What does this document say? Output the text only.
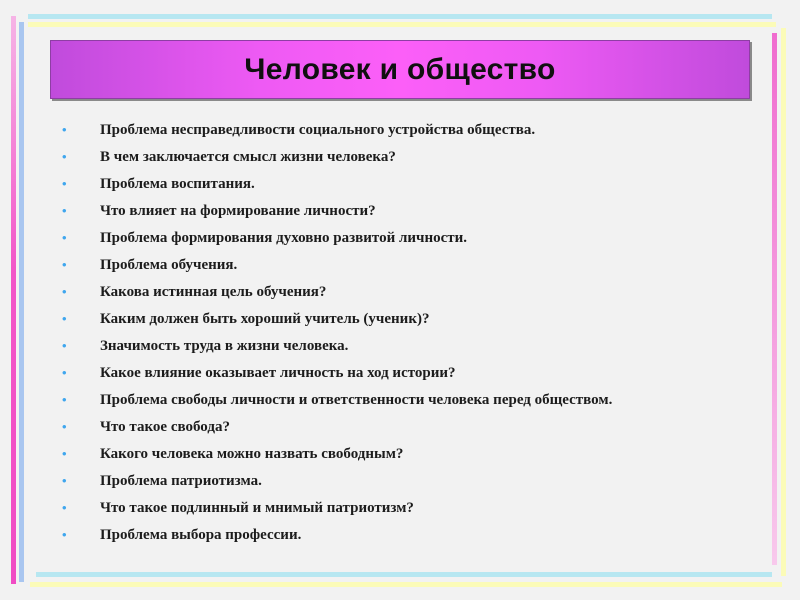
Человек и общество
•	Проблема несправедливости социального устройства общества.
•	В чем заключается смысл жизни человека?
•	Проблема воспитания.
•	Что влияет на формирование личности?
•	Проблема формирования духовно развитой личности.
•	Проблема обучения.
•	Какова истинная цель обучения?
•	Каким должен быть хороший учитель (ученик)?
•	Значимость труда в жизни человека.
•	Какое влияние оказывает личность на ход истории?
•	Проблема свободы личности и ответственности человека перед обществом.
•	Что такое свобода?
•	Какого человека можно назвать свободным?
•	Проблема патриотизма.
•	Что такое подлинный и мнимый патриотизм?
•	Проблема выбора профессии.
